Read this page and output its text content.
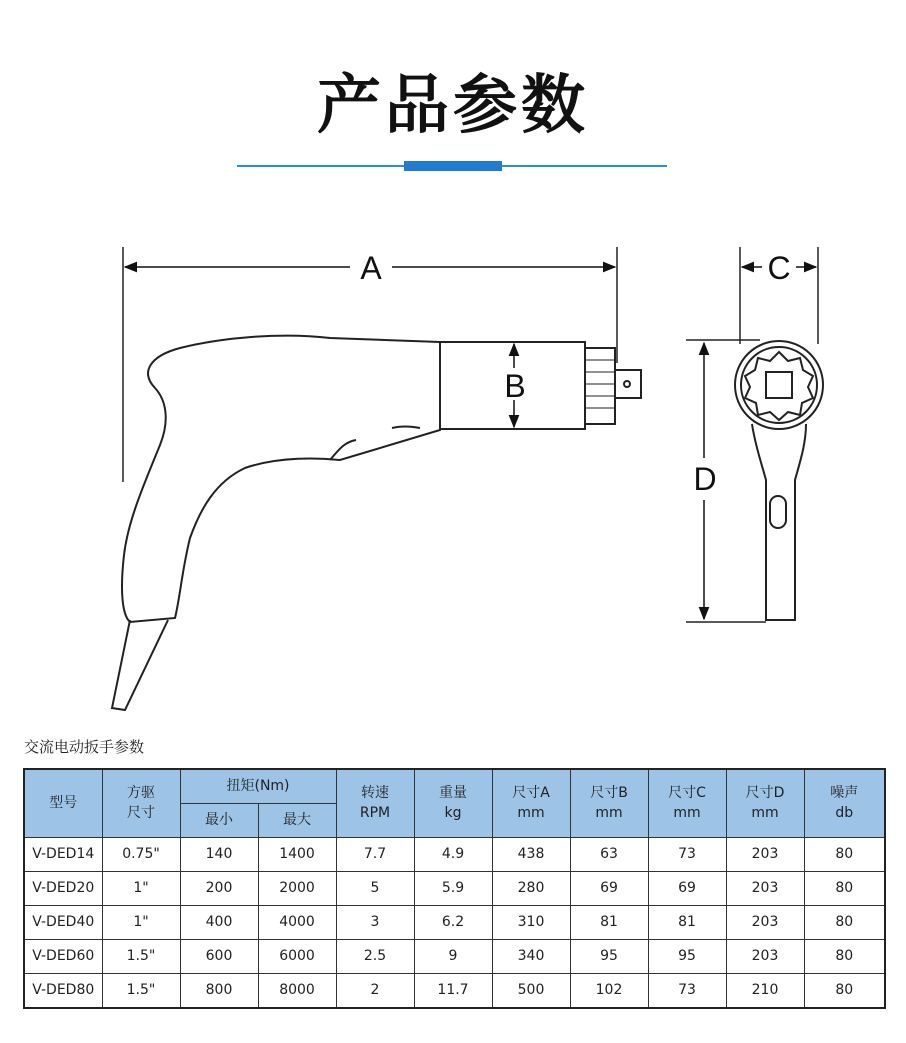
产品参数
A
B
C
D
交流电动扳手参数
型号	方驱
尺寸	扭矩(Nm)		转速
RPM	重量
kg	尺寸A
mm	尺寸B
mm	尺寸C
mm	尺寸D
mm	噪声
db
		最小	最大							
V-DED14	0.75"	140	1400	7.7	4.9	438	63	73	203	80
V-DED20	1"	200	2000	5	5.9	280	69	69	203	80
V-DED40	1"	400	4000	3	6.2	310	81	81	203	80
V-DED60	1.5"	600	6000	2.5	9	340	95	95	203	80
V-DED80	1.5"	800	8000	2	11.7	500	102	73	210	80
